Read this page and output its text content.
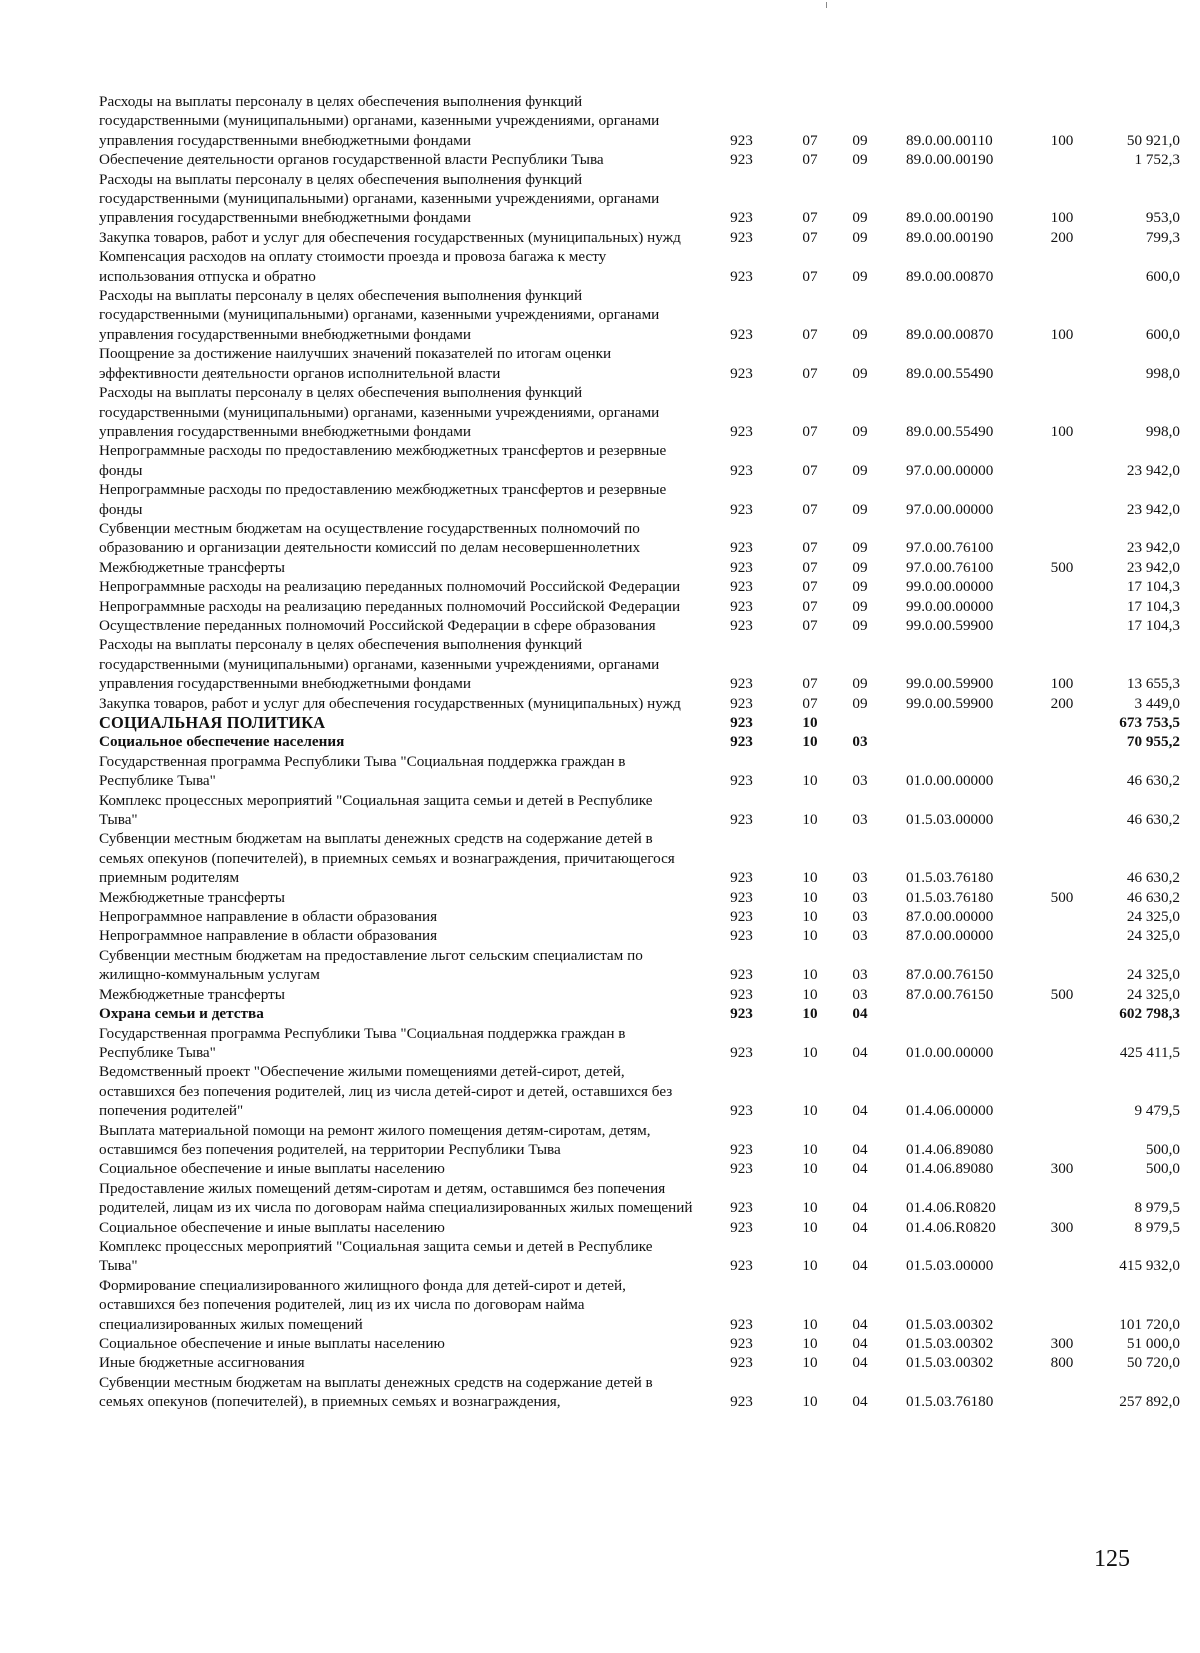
Расходы на выплаты персоналу в целях обеспечения выполнения функций государственными (муниципальными) органами, казенными учреждениями, органами управления государственными внебюджетными фондами	923	07	09	89.0.00.00110	100	50 921,0
Обеспечение деятельности органов государственной власти Республики Тыва	923	07	09	89.0.00.00190		1 752,3
Расходы на выплаты персоналу в целях обеспечения выполнения функций государственными (муниципальными) органами, казенными учреждениями, органами управления государственными внебюджетными фондами	923	07	09	89.0.00.00190	100	953,0
Закупка товаров, работ и услуг для обеспечения государственных (муниципальных) нужд	923	07	09	89.0.00.00190	200	799,3
Компенсация расходов на оплату стоимости проезда и провоза багажа к месту использования отпуска и обратно	923	07	09	89.0.00.00870		600,0
Расходы на выплаты персоналу в целях обеспечения выполнения функций государственными (муниципальными) органами, казенными учреждениями, органами управления государственными внебюджетными фондами	923	07	09	89.0.00.00870	100	600,0
Поощрение за достижение наилучших значений показателей по итогам оценки эффективности деятельности органов исполнительной власти	923	07	09	89.0.00.55490		998,0
Расходы на выплаты персоналу в целях обеспечения выполнения функций государственными (муниципальными) органами, казенными учреждениями, органами управления государственными внебюджетными фондами	923	07	09	89.0.00.55490	100	998,0
Непрограммные расходы по предоставлению межбюджетных трансфертов и резервные фонды	923	07	09	97.0.00.00000		23 942,0
Непрограммные расходы по предоставлению межбюджетных трансфертов и резервные фонды	923	07	09	97.0.00.00000		23 942,0
Субвенции местным бюджетам на осуществление государственных полномочий по образованию и организации деятельности комиссий по делам несовершеннолетних	923	07	09	97.0.00.76100		23 942,0
Межбюджетные трансферты	923	07	09	97.0.00.76100	500	23 942,0
Непрограммные расходы на реализацию переданных полномочий Российской Федерации	923	07	09	99.0.00.00000		17 104,3
Непрограммные расходы на реализацию переданных полномочий Российской Федерации	923	07	09	99.0.00.00000		17 104,3
Осуществление переданных полномочий Российской Федерации в сфере образования	923	07	09	99.0.00.59900		17 104,3
Расходы на выплаты персоналу в целях обеспечения выполнения функций государственными (муниципальными) органами, казенными учреждениями, органами управления государственными внебюджетными фондами	923	07	09	99.0.00.59900	100	13 655,3
Закупка товаров, работ и услуг для обеспечения государственных (муниципальных) нужд	923	07	09	99.0.00.59900	200	3 449,0
СОЦИАЛЬНАЯ ПОЛИТИКА	923	10				673 753,5
Социальное обеспечение населения	923	10	03			70 955,2
Государственная программа Республики Тыва "Социальная поддержка граждан в Республике Тыва"	923	10	03	01.0.00.00000		46 630,2
Комплекс процессных мероприятий "Социальная защита семьи и детей в Республике Тыва"	923	10	03	01.5.03.00000		46 630,2
Субвенции местным бюджетам на выплаты денежных средств на содержание детей в семьях опекунов (попечителей), в приемных семьях и вознаграждения, причитающегося приемным родителям	923	10	03	01.5.03.76180		46 630,2
Межбюджетные трансферты	923	10	03	01.5.03.76180	500	46 630,2
Непрограммное направление в области образования	923	10	03	87.0.00.00000		24 325,0
Непрограммное направление в области образования	923	10	03	87.0.00.00000		24 325,0
Субвенции местным бюджетам на предоставление льгот сельским специалистам по жилищно-коммунальным услугам	923	10	03	87.0.00.76150		24 325,0
Межбюджетные трансферты	923	10	03	87.0.00.76150	500	24 325,0
Охрана семьи и детства	923	10	04			602 798,3
Государственная программа Республики Тыва "Социальная поддержка граждан в Республике Тыва"	923	10	04	01.0.00.00000		425 411,5
Ведомственный проект "Обеспечение жилыми помещениями детей-сирот, детей, оставшихся без попечения родителей, лиц из числа детей-сирот и детей, оставшихся без попечения родителей"	923	10	04	01.4.06.00000		9 479,5
Выплата материальной помощи на ремонт жилого помещения детям-сиротам, детям, оставшимся без попечения родителей, на территории Республики Тыва	923	10	04	01.4.06.89080		500,0
Социальное обеспечение и иные выплаты населению	923	10	04	01.4.06.89080	300	500,0
Предоставление жилых помещений детям-сиротам и детям, оставшимся без попечения родителей, лицам из их числа по договорам найма специализированных жилых помещений	923	10	04	01.4.06.R0820		8 979,5
Социальное обеспечение и иные выплаты населению	923	10	04	01.4.06.R0820	300	8 979,5
Комплекс процессных мероприятий "Социальная защита семьи и детей в Республике Тыва"	923	10	04	01.5.03.00000		415 932,0
Формирование специализированного жилищного фонда для детей-сирот и детей, оставшихся без попечения родителей, лиц из их числа по договорам найма специализированных жилых помещений	923	10	04	01.5.03.00302		101 720,0
Социальное обеспечение и иные выплаты населению	923	10	04	01.5.03.00302	300	51 000,0
Иные бюджетные ассигнования	923	10	04	01.5.03.00302	800	50 720,0
Субвенции местным бюджетам на выплаты денежных средств на содержание детей в семьях опекунов (попечителей), в приемных семьях и вознаграждения,	923	10	04	01.5.03.76180		257 892,0
125
